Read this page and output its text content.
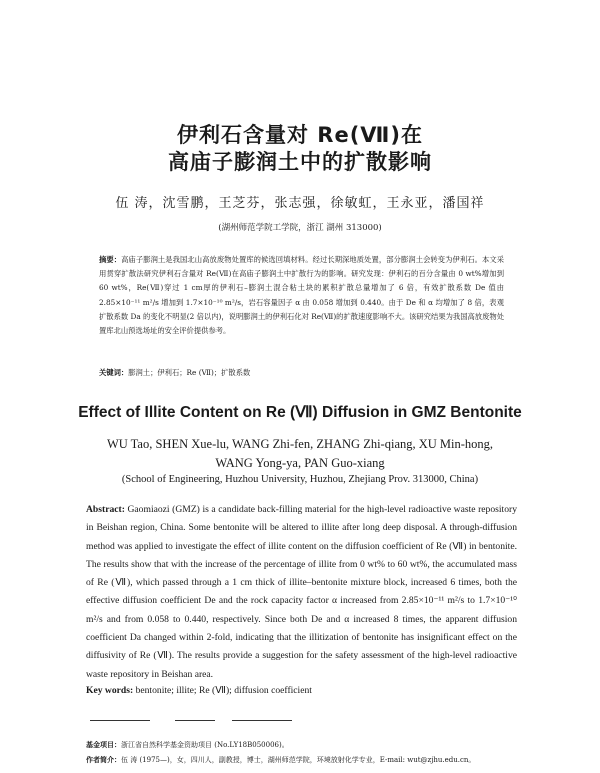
伊利石含量对 Re(Ⅶ)在
高庙子膨润土中的扩散影响
伍 涛，沈雪鹏，王芝芬，张志强，徐敏虹，王永亚，潘国祥
(湖州师范学院工学院，浙江 湖州 313000)
摘要：高庙子膨润土是我国北山高放废物处置库的候选回填材料。经过长期深地质处置，部分膨润土会转变为伊利石。本文采用贯穿扩散法研究伊利石含量对 Re(Ⅶ)在高庙子膨润土中扩散行为的影响。研究发现：伊利石的百分含量由 0 wt%增加到 60 wt%，Re(Ⅶ)穿过 1 cm厚的伊利石–膨润土混合粘土块的累积扩散总量增加了 6 倍，有效扩散系数 De 值由 2.85×10⁻¹¹ m²/s 增加到 1.7×10⁻¹⁰ m²/s，岩石容量因子 α 由 0.058 增加到 0.440。由于 De 和 α 均增加了 8 倍，表观扩散系数 Da 的变化不明显(2 倍以内)，说明膨润土的伊利石化对 Re(Ⅶ)的扩散速度影响不大。该研究结果为我国高放废物处置库北山预选场址的安全评价提供参考。
关键词：膨润土；伊利石；Re (Ⅶ)；扩散系数
Effect of Illite Content on Re (Ⅶ) Diffusion in GMZ Bentonite
WU Tao, SHEN Xue-lu, WANG Zhi-fen, ZHANG Zhi-qiang, XU Min-hong,
WANG Yong-ya, PAN Guo-xiang
(School of Engineering, Huzhou University, Huzhou, Zhejiang Prov. 313000, China)
Abstract: Gaomiaozi (GMZ) is a candidate back-filling material for the high-level radioactive waste repository in Beishan region, China. Some bentonite will be altered to illite after long deep disposal. A through-diffusion method was applied to investigate the effect of illite content on the diffusion coefficient of Re (Ⅶ) in bentonite. The results show that with the increase of the percentage of illite from 0 wt% to 60 wt%, the accumulated mass of Re (Ⅶ), which passed through a 1 cm thick of illite–bentonite mixture block, increased 6 times, both the effective diffusion coefficient De and the rock capacity factor α increased from 2.85×10⁻¹¹ m²/s to 1.7×10⁻¹⁰ m²/s and from 0.058 to 0.440, respectively. Since both De and α increased 8 times, the apparent diffusion coefficient Da changed within 2-fold, indicating that the illitization of bentonite has insignificant effect on the diffusivity of Re (Ⅶ). The results provide a suggestion for the safety assessment of the high-level radioactive waste repository in Beishan area.
Key words: bentonite; illite; Re (Ⅶ); diffusion coefficient
基金项目：浙江省自然科学基金资助项目 (No.LY18B050006)。
作者简介：伍 涛 (1975—)，女，四川人，副教授，博士，湖州师范学院，环境放射化学专业，E-mail: wut@zjhu.edu.cn。
